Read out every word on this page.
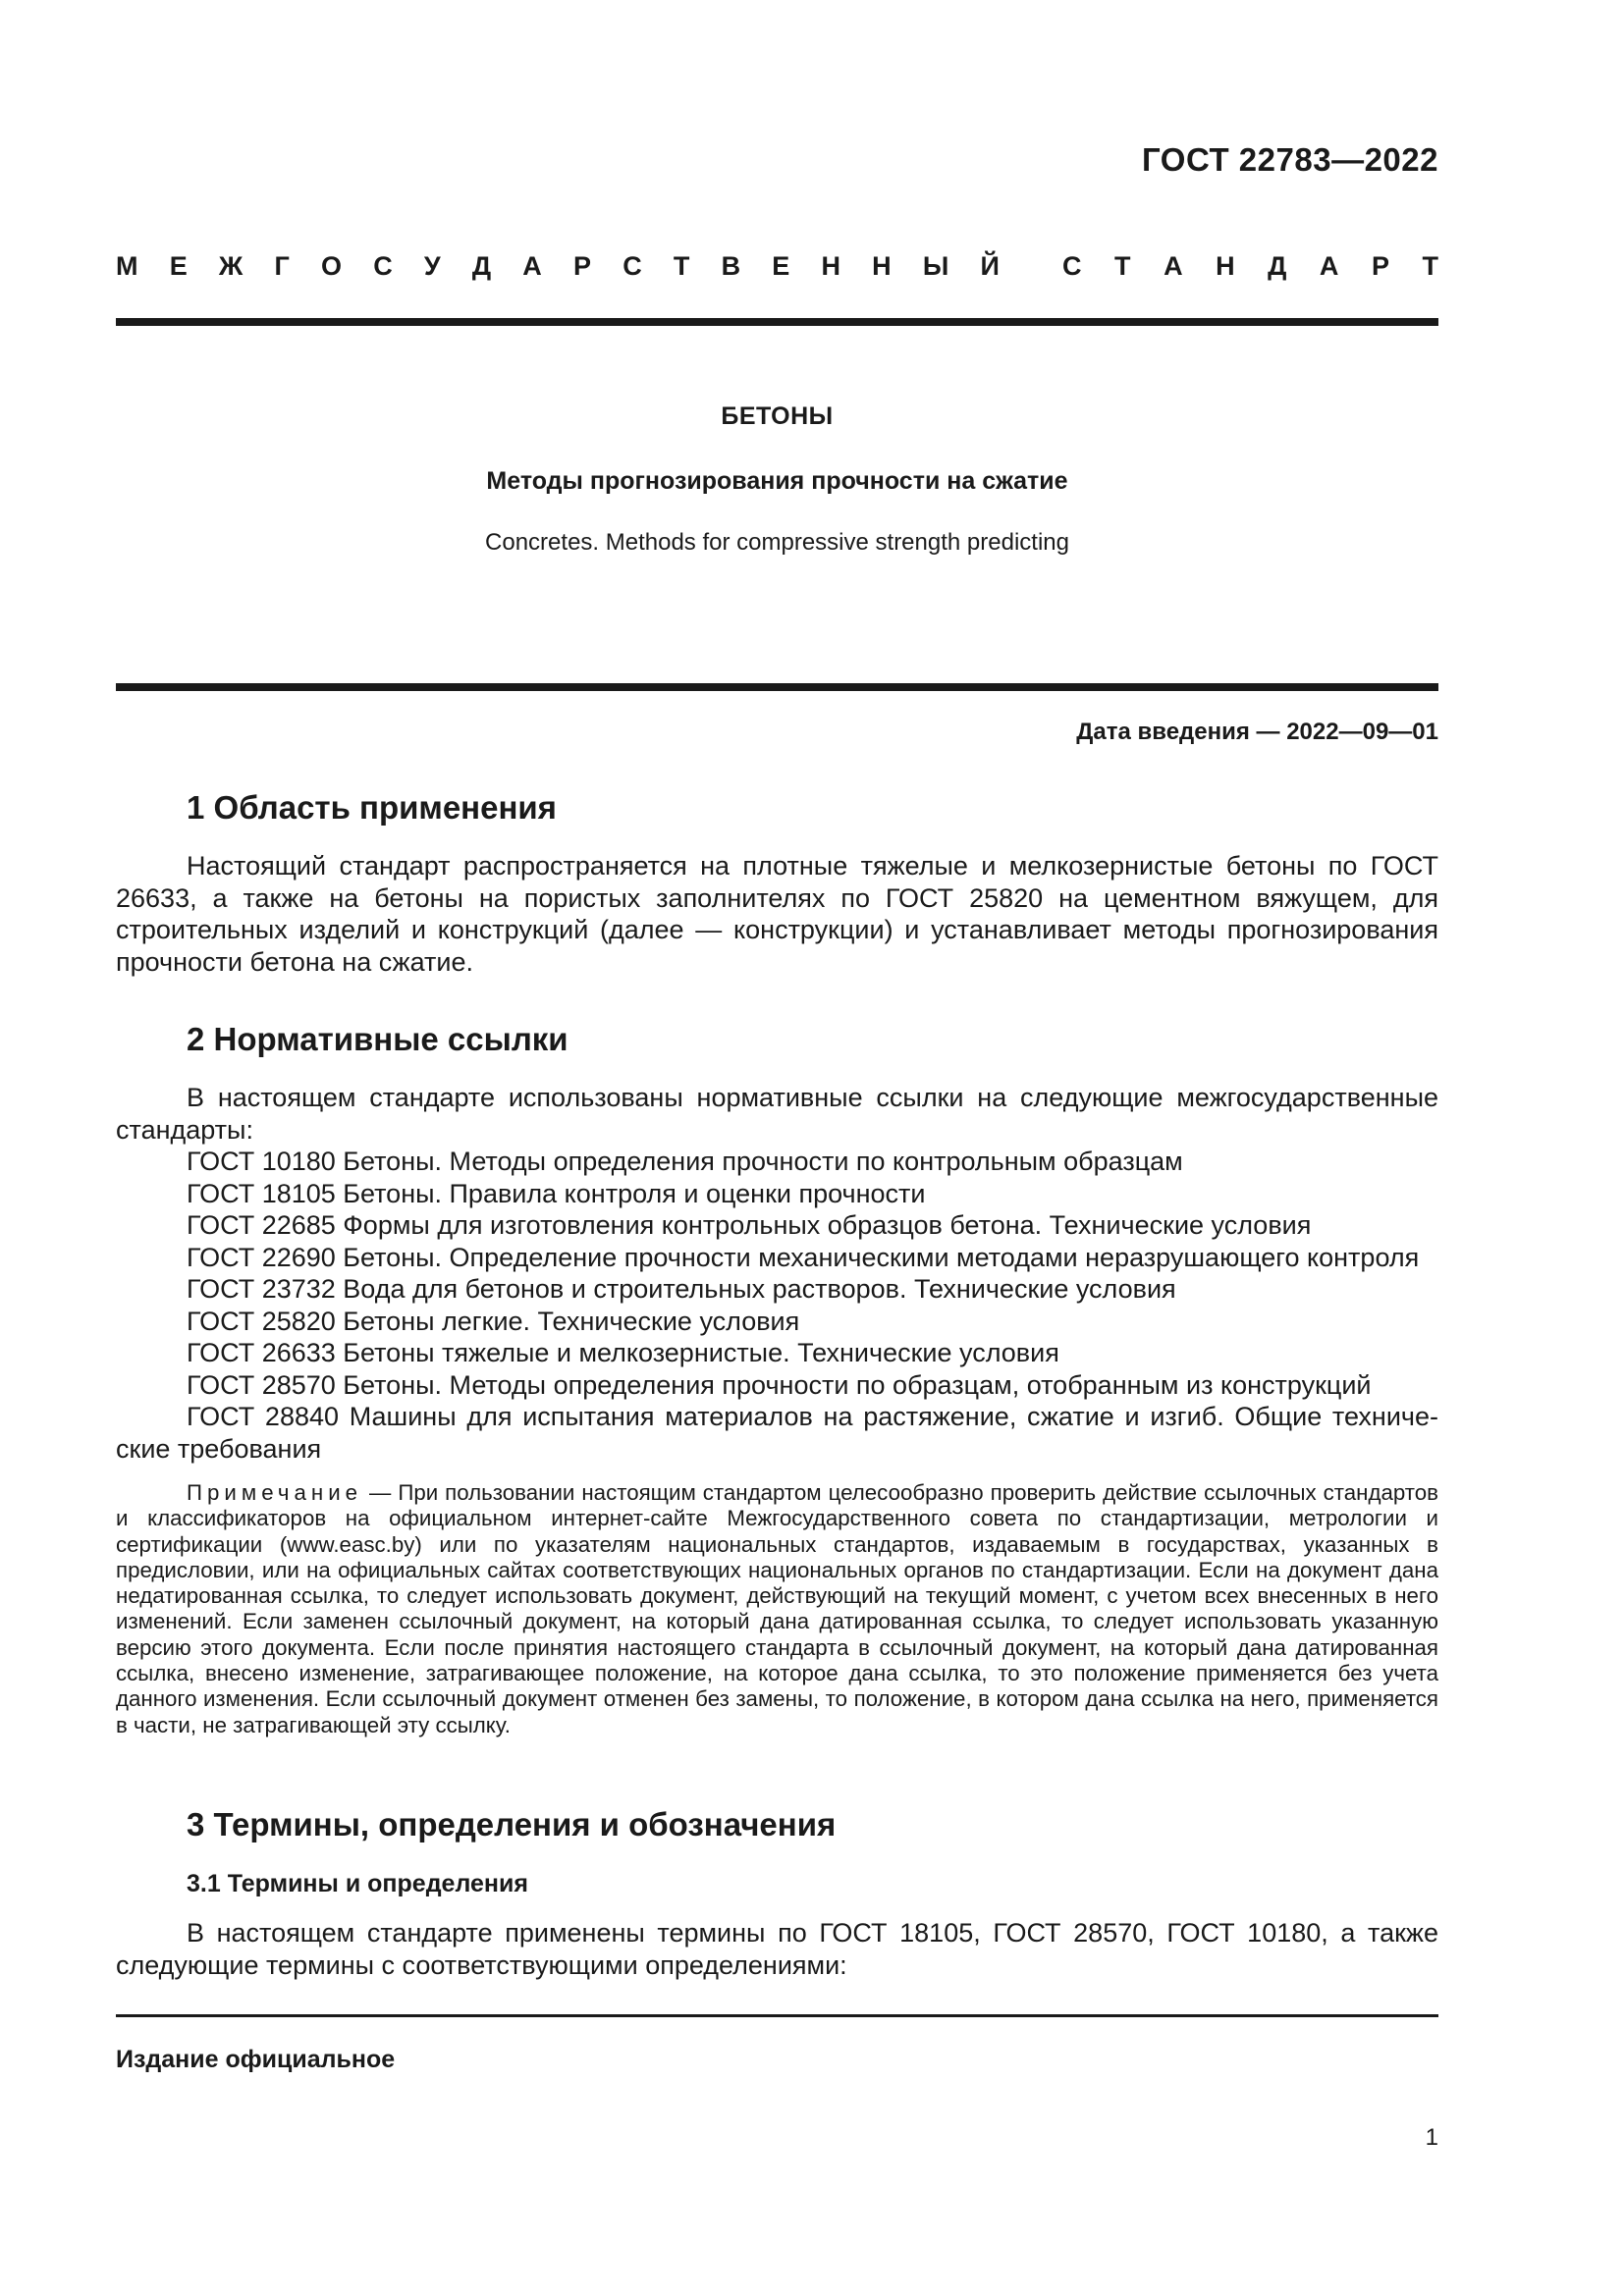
ГОСТ 22783—2022
М Е Ж Г О С У Д А Р С Т В Е Н Н Ы Й С Т А Н Д А Р Т
БЕТОНЫ
Методы прогнозирования прочности на сжатие
Concretes. Methods for compressive strength predicting
Дата введения — 2022—09—01
1 Область применения

Настоящий стандарт распространяется на плотные тяжелые и мелкозернистые бетоны по ГОСТ 26633, а также на бетоны на пористых заполнителях по ГОСТ 25820 на цементном вяжущем, для строительных изделий и конструкций (далее — конструкции) и устанавливает методы прогнозирования прочности бетона на сжатие.

2 Нормативные ссылки

В настоящем стандарте использованы нормативные ссылки на следующие межгосударственные стандарты:

ГОСТ 10180 Бетоны. Методы определения прочности по контрольным образцам
ГОСТ 18105 Бетоны. Правила контроля и оценки прочности
ГОСТ 22685 Формы для изготовления контрольных образцов бетона. Технические условия
ГОСТ 22690 Бетоны. Определение прочности механическими методами неразрушающего контроля
ГОСТ 23732 Вода для бетонов и строительных растворов. Технические условия
ГОСТ 25820 Бетоны легкие. Технические условия
ГОСТ 26633 Бетоны тяжелые и мелкозернистые. Технические условия
ГОСТ 28570 Бетоны. Методы определения прочности по образцам, отобранным из конструкций
ГОСТ 28840 Машины для испытания материалов на растяжение, сжатие и изгиб. Общие технические требования

Примечание — При пользовании настоящим стандартом целесообразно проверить действие ссылочных стандартов и классификаторов на официальном интернет-сайте Межгосударственного совета по стандартизации, метрологии и сертификации (www.easc.by) или по указателям национальных стандартов, издаваемым в государствах, указанных в предисловии, или на официальных сайтах соответствующих национальных органов по стандартизации. Если на документ дана недатированная ссылка, то следует использовать документ, действующий на текущий момент, с учетом всех внесенных в него изменений. Если заменен ссылочный документ, на который дана датированная ссылка, то следует использовать указанную версию этого документа. Если после принятия настоящего стандарта в ссылочный документ, на который дана датированная ссылка, внесено изменение, затрагивающее положение, на которое дана ссылка, то это положение применяется без учета данного изменения. Если ссылочный документ отменен без замены, то положение, в котором дана ссылка на него, применяется в части, не затрагивающей эту ссылку.

3 Термины, определения и обозначения
3.1 Термины и определения

В настоящем стандарте применены термины по ГОСТ 18105, ГОСТ 28570, ГОСТ 10180, а также следующие термины с соответствующими определениями:

Издание официальное
1
